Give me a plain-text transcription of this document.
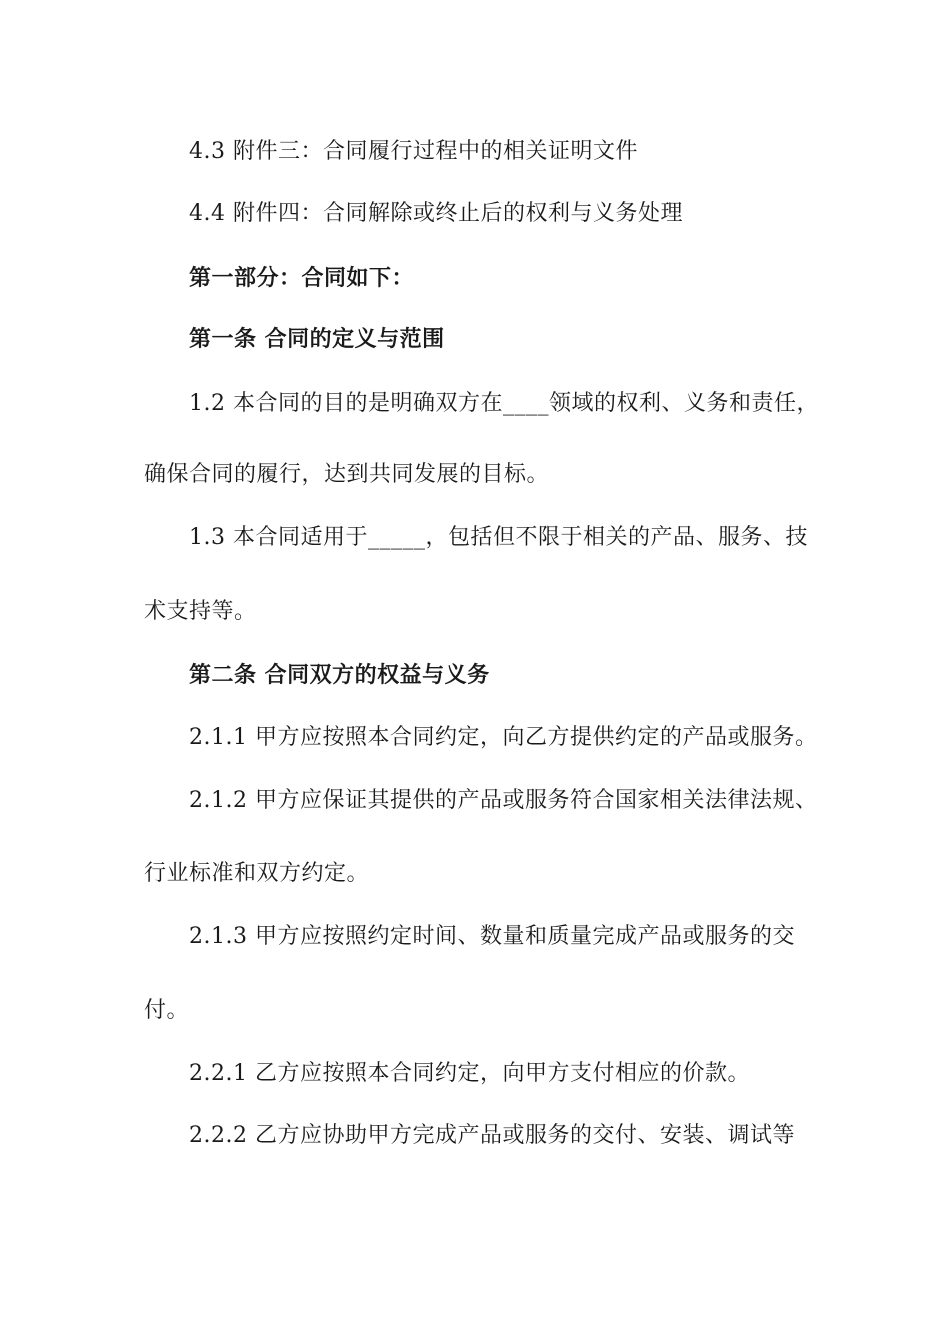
4.3 附件三：合同履行过程中的相关证明文件
4.4 附件四：合同解除或终止后的权利与义务处理
第一部分：合同如下：
第一条 合同的定义与范围
1.2 本合同的目的是明确双方在____领域的权利、义务和责任，
确保合同的履行，达到共同发展的目标。
1.3 本合同适用于_____，包括但不限于相关的产品、服务、技
术支持等。
第二条 合同双方的权益与义务
2.1.1 甲方应按照本合同约定，向乙方提供约定的产品或服务。
2.1.2 甲方应保证其提供的产品或服务符合国家相关法律法规、
行业标准和双方约定。
2.1.3 甲方应按照约定时间、数量和质量完成产品或服务的交
付。
2.2.1 乙方应按照本合同约定，向甲方支付相应的价款。
2.2.2 乙方应协助甲方完成产品或服务的交付、安装、调试等
